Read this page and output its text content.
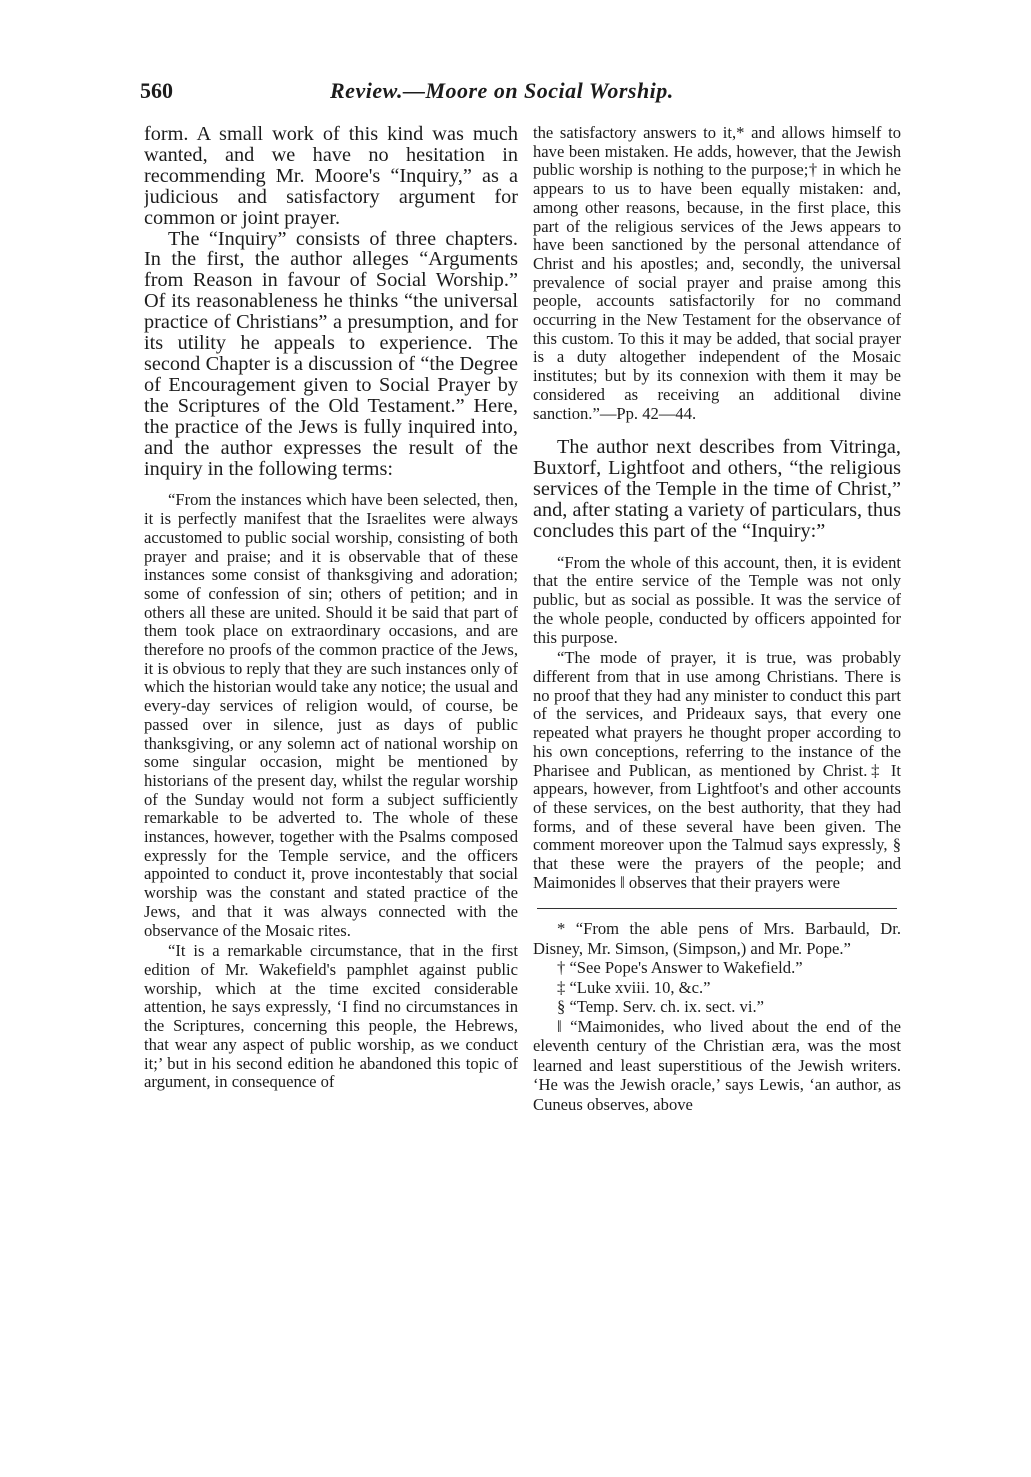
560	Review.—Moore on Social Worship.

form. A small work of this kind was much wanted, and we have no hesitation in recommending Mr. Moore's “Inquiry,” as a judicious and satisfactory argument for common or joint prayer.

The “Inquiry” consists of three chapters. In the first, the author alleges “Arguments from Reason in favour of Social Worship.” Of its reasonableness he thinks “the universal practice of Christians” a presumption, and for its utility he appeals to experience. The second Chapter is a discussion of “the Degree of Encouragement given to Social Prayer by the Scriptures of the Old Testament.” Here, the practice of the Jews is fully inquired into, and the author expresses the result of the inquiry in the following terms:

“From the instances which have been selected, then, it is perfectly manifest that the Israelites were always accustomed to public social worship, consisting of both prayer and praise; and it is observable that of these instances some consist of thanksgiving and adoration; some of confession of sin; others of petition; and in others all these are united. Should it be said that part of them took place on extraordinary occasions, and are therefore no proofs of the common practice of the Jews, it is obvious to reply that they are such instances only of which the historian would take any notice; the usual and every-day services of religion would, of course, be passed over in silence, just as days of public thanksgiving, or any solemn act of national worship on some singular occasion, might be mentioned by historians of the present day, whilst the regular worship of the Sunday would not form a subject sufficiently remarkable to be adverted to. The whole of these instances, however, together with the Psalms composed expressly for the Temple service, and the officers appointed to conduct it, prove incontestably that social worship was the constant and stated practice of the Jews, and that it was always connected with the observance of the Mosaic rites.

“It is a remarkable circumstance, that in the first edition of Mr. Wakefield's pamphlet against public worship, which at the time excited considerable attention, he says expressly, ‘I find no circumstances in the Scriptures, concerning this people, the Hebrews, that wear any aspect of public worship, as we conduct it;’ but in his second edition he abandoned this topic of argument, in consequence of

the satisfactory answers to it,* and allows himself to have been mistaken. He adds, however, that the Jewish public worship is nothing to the purpose;† in which he appears to us to have been equally mistaken: and, among other reasons, because, in the first place, this part of the religious services of the Jews appears to have been sanctioned by the personal attendance of Christ and his apostles; and, secondly, the universal prevalence of social prayer and praise among this people, accounts satisfactorily for no command occurring in the New Testament for the observance of this custom. To this it may be added, that social prayer is a duty altogether independent of the Mosaic institutes; but by its connexion with them it may be considered as receiving an additional divine sanction.”—Pp. 42—44.

The author next describes from Vitringa, Buxtorf, Lightfoot and others, “the religious services of the Temple in the time of Christ,” and, after stating a variety of particulars, thus concludes this part of the “Inquiry:”

“From the whole of this account, then, it is evident that the entire service of the Temple was not only public, but as social as possible. It was the service of the whole people, conducted by officers appointed for this purpose.

“The mode of prayer, it is true, was probably different from that in use among Christians. There is no proof that they had any minister to conduct this part of the services, and Prideaux says, that every one repeated what prayers he thought proper according to his own conceptions, referring to the instance of the Pharisee and Publican, as mentioned by Christ.‡ It appears, however, from Lightfoot's and other accounts of these services, on the best authority, that they had forms, and of these several have been given. The comment moreover upon the Talmud says expressly, § that these were the prayers of the people; and Maimonides ‖ observes that their prayers were

* “From the able pens of Mrs. Barbauld, Dr. Disney, Mr. Simson, (Simpson,) and Mr. Pope.”

† “See Pope's Answer to Wakefield.”

‡ “Luke xviii. 10, &c.”

§ “Temp. Serv. ch. ix. sect. vi.”

‖ “Maimonides, who lived about the end of the eleventh century of the Christian æra, was the most learned and least superstitious of the Jewish writers. ‘He was the Jewish oracle,’ says Lewis, ‘an author, as Cuneus observes, above
